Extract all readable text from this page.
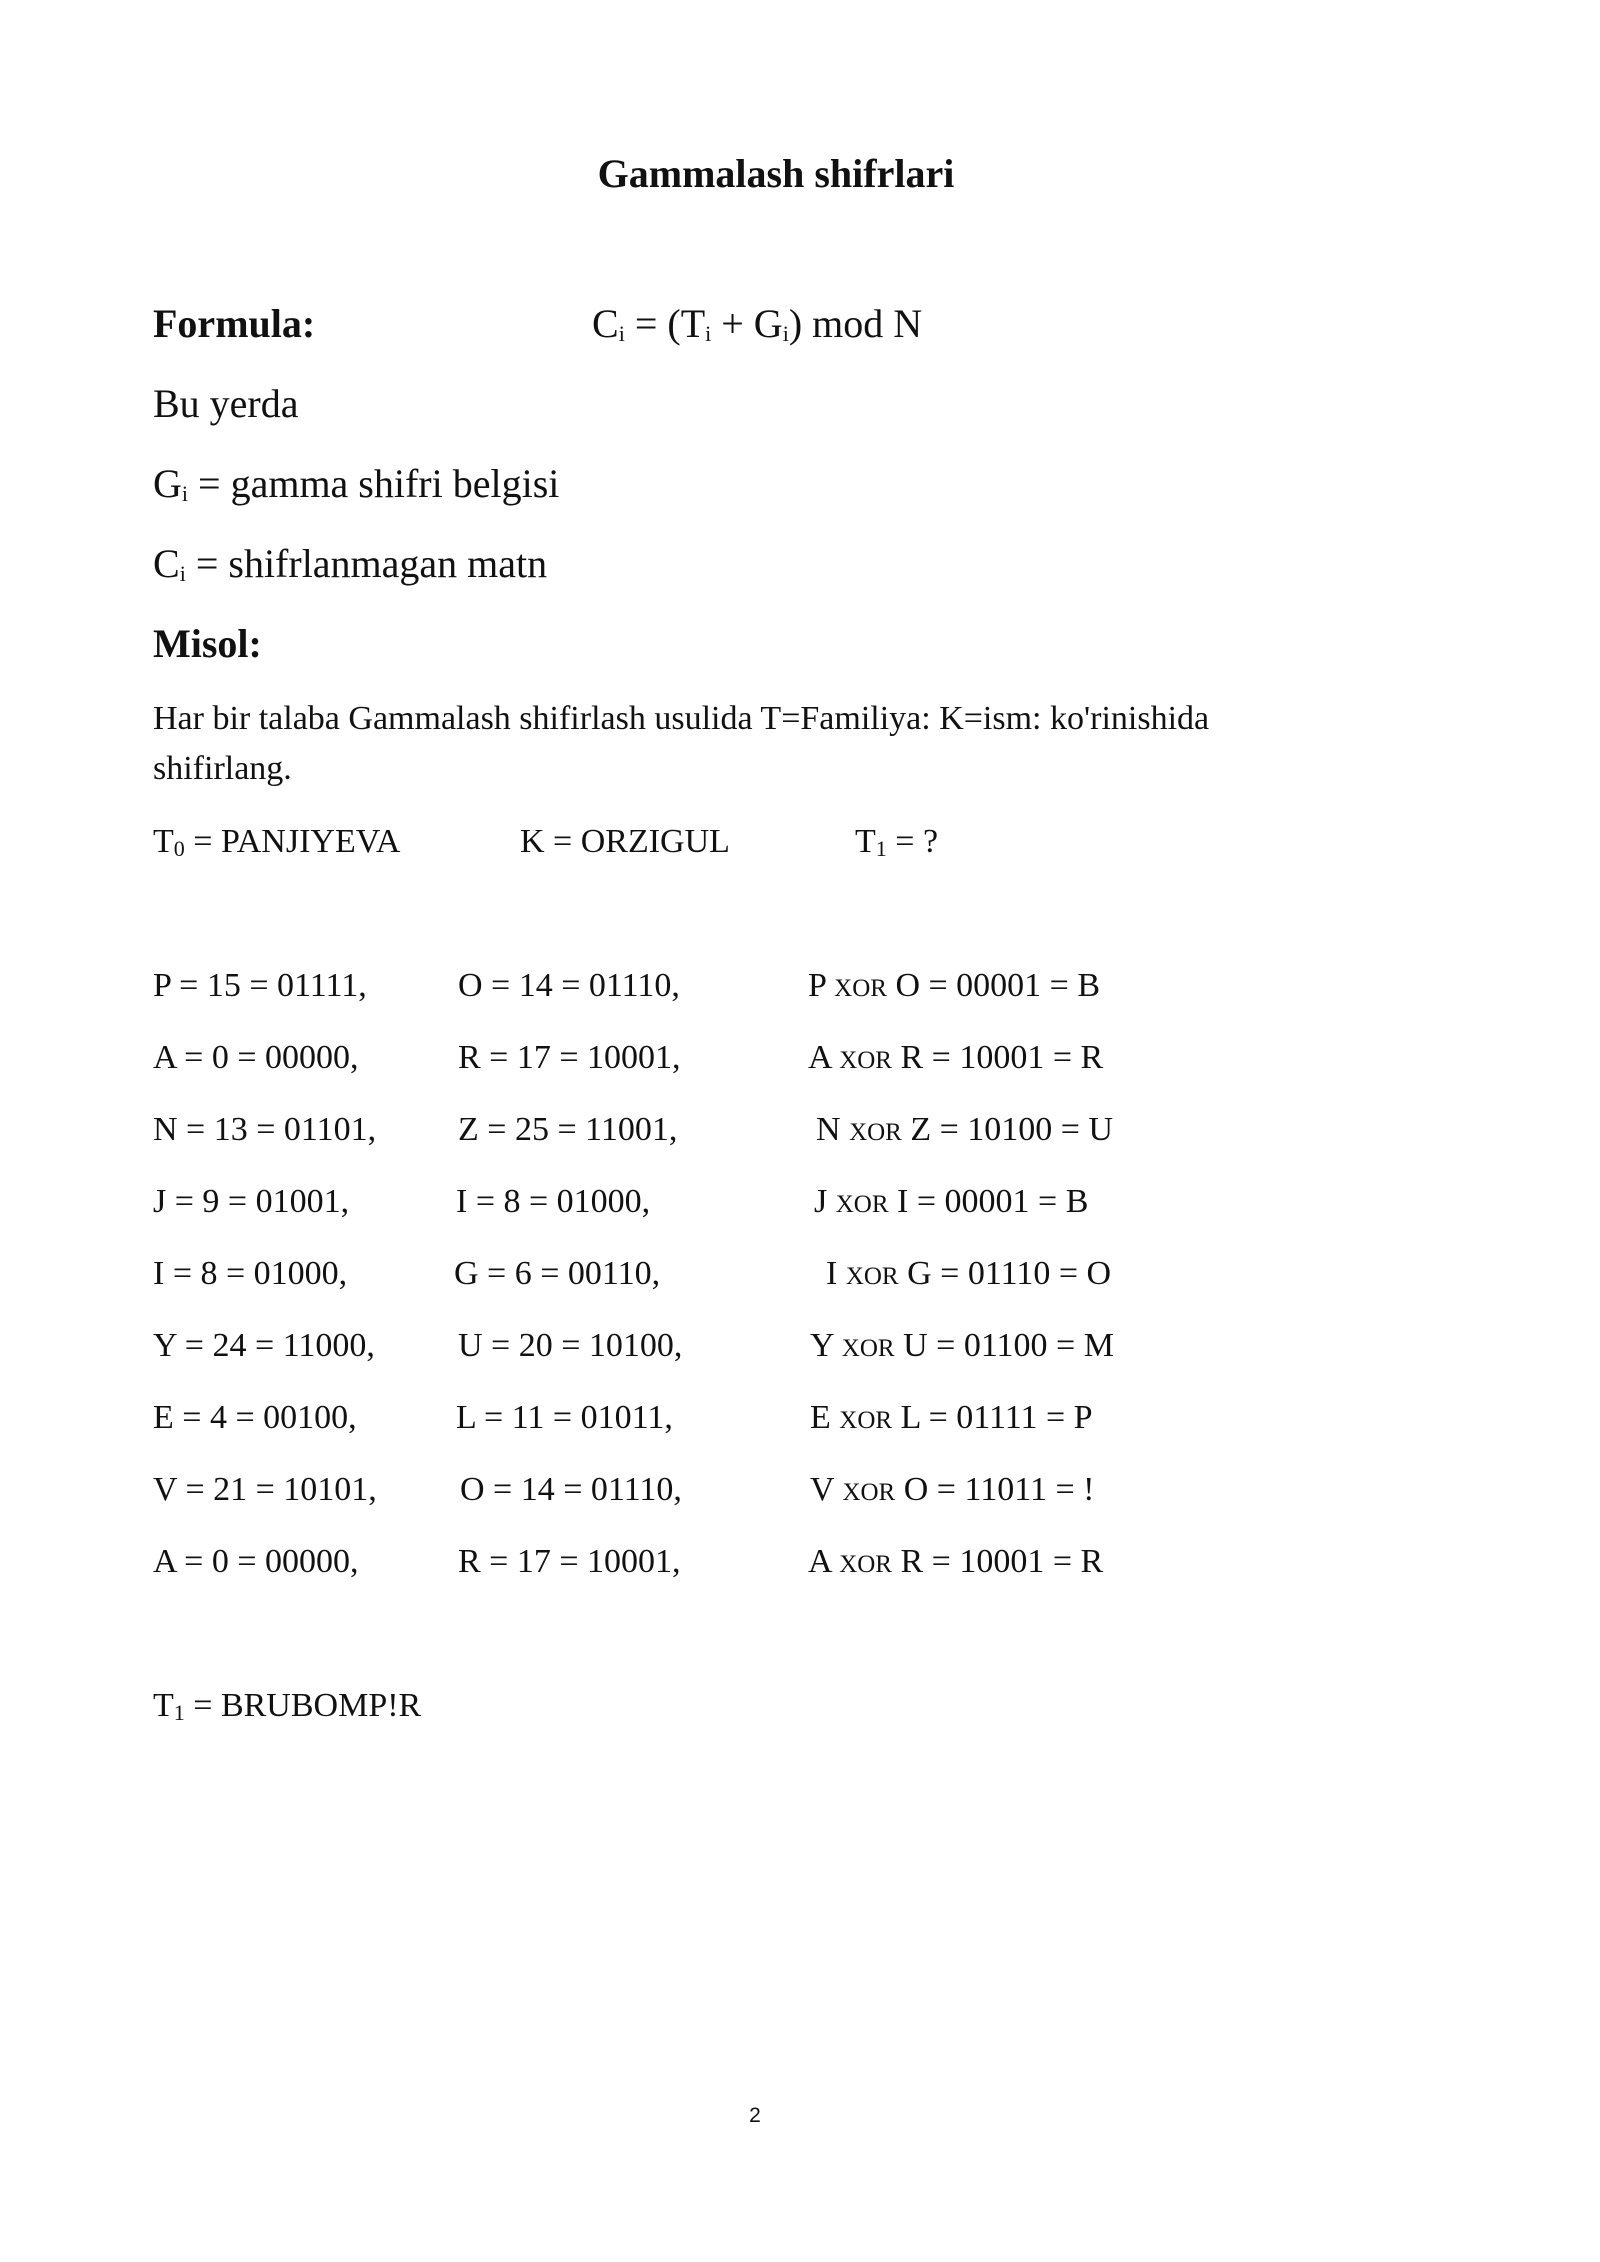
Gammalash shifrlari
Formula:	Ci = (Ti + Gi) mod N
Bu yerda
Gi = gamma shifri belgisi
Ci = shifrlanmagan matn
Misol:
Har bir talaba Gammalash shifirlash usulida T=Familiya: K=ism: ko'rinishida
shifirlang.
T0 = PANJIYEVA	K = ORZIGUL	T1 = ?
P = 15 = 01111,	O = 14 = 01110,	P XOR O = 00001 = B
A = 0 = 00000,	R = 17 = 10001,	A XOR R = 10001 = R
N = 13 = 01101, Z = 25 = 11001,	N XOR Z = 10100 = U
J = 9 = 01001,	I = 8 = 01000,	J XOR I = 00001 = B
I = 8 = 01000,	G = 6 = 00110,	I XOR G = 01110 = O
Y = 24 = 11000, U = 20 = 10100,	Y XOR U = 01100 = M
E = 4 = 00100,	L = 11 = 01011,	E XOR L = 01111 = P
V = 21 = 10101, O = 14 = 01110,	V XOR O = 11011 = !
A = 0 = 00000,	R = 17 = 10001,	A XOR R = 10001 = R
T1 = BRUBOMP!R
2
